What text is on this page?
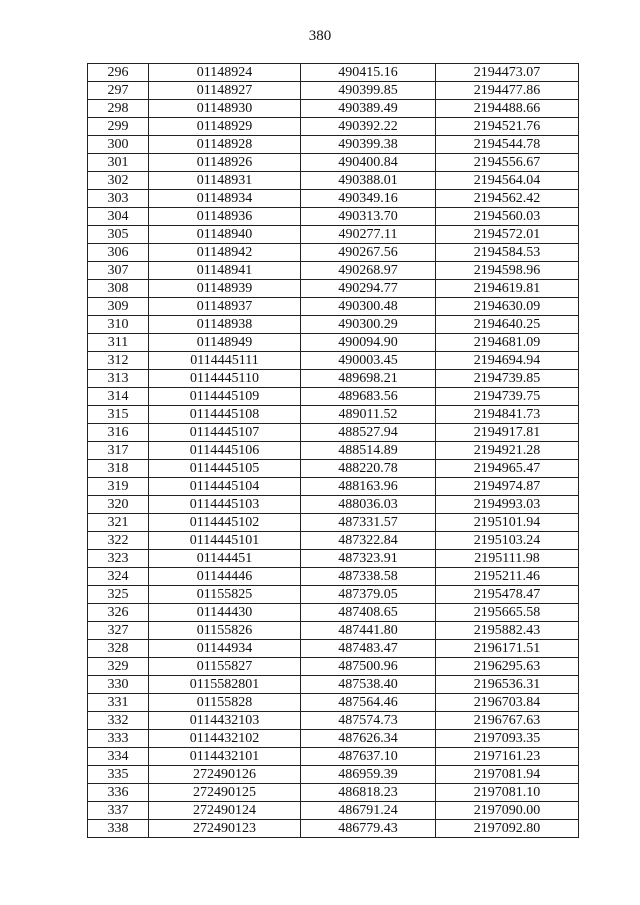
380
296	01148924	490415.16	2194473.07
297	01148927	490399.85	2194477.86
298	01148930	490389.49	2194488.66
299	01148929	490392.22	2194521.76
300	01148928	490399.38	2194544.78
301	01148926	490400.84	2194556.67
302	01148931	490388.01	2194564.04
303	01148934	490349.16	2194562.42
304	01148936	490313.70	2194560.03
305	01148940	490277.11	2194572.01
306	01148942	490267.56	2194584.53
307	01148941	490268.97	2194598.96
308	01148939	490294.77	2194619.81
309	01148937	490300.48	2194630.09
310	01148938	490300.29	2194640.25
311	01148949	490094.90	2194681.09
312	0114445111	490003.45	2194694.94
313	0114445110	489698.21	2194739.85
314	0114445109	489683.56	2194739.75
315	0114445108	489011.52	2194841.73
316	0114445107	488527.94	2194917.81
317	0114445106	488514.89	2194921.28
318	0114445105	488220.78	2194965.47
319	0114445104	488163.96	2194974.87
320	0114445103	488036.03	2194993.03
321	0114445102	487331.57	2195101.94
322	0114445101	487322.84	2195103.24
323	01144451	487323.91	2195111.98
324	01144446	487338.58	2195211.46
325	01155825	487379.05	2195478.47
326	01144430	487408.65	2195665.58
327	01155826	487441.80	2195882.43
328	01144934	487483.47	2196171.51
329	01155827	487500.96	2196295.63
330	0115582801	487538.40	2196536.31
331	01155828	487564.46	2196703.84
332	0114432103	487574.73	2196767.63
333	0114432102	487626.34	2197093.35
334	0114432101	487637.10	2197161.23
335	272490126	486959.39	2197081.94
336	272490125	486818.23	2197081.10
337	272490124	486791.24	2197090.00
338	272490123	486779.43	2197092.80
